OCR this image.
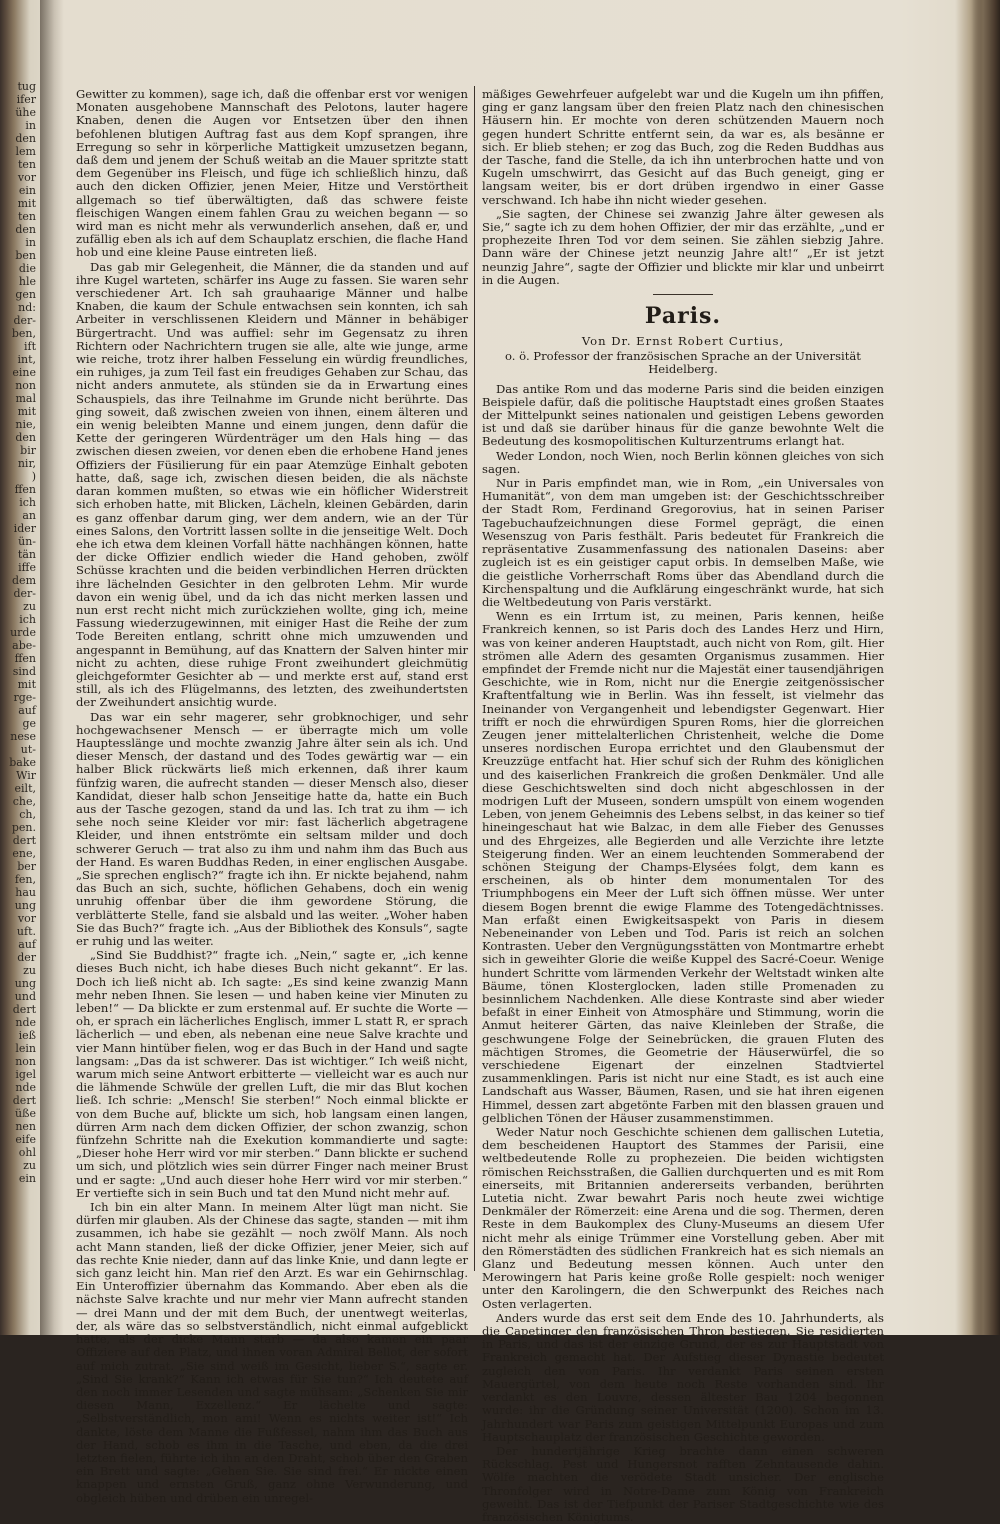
tug
ifer
ühe
in
den
lem
ten
vor
ein
mit
ten
den
in
ben
die
hle
gen
nd:
der-
ben,
ift
int,
eine
non
mal
mit
nie,
den
bir
nir,
)
ffen
ich
an
ider
ün-
tän
iffe
dem
der-
zu
ich
urde
abe-
ffen
sind
mit
rge-
auf
ge
nese
ut-
bake
Wir
eilt,
che,
ch,
pen.
dert
ene,
ber
fen,
hau
ung
vor
uft.
auf
der
zu
ung
und
dert
nde
ieß
lein
non
igel
nde
dert
üße
nen
eife
ohl
zu
ein

Gewitter zu kommen), sage ich, daß die offenbar erst vor wenigen Monaten ausgehobene Mannschaft des Pelotons, lauter hagere Knaben, denen die Augen vor Entsetzen über den ihnen befohlenen blutigen Auftrag fast aus dem Kopf sprangen, ihre Erregung so sehr in körperliche Mattigkeit umzusetzen begann, daß dem und jenem der Schuß weitab an die Mauer spritzte statt dem Gegenüber ins Fleisch, und füge ich schließlich hinzu, daß auch den dicken Offizier, jenen Meier, Hitze und Verstörtheit allgemach so tief überwältigten, daß das schwere feiste fleischigen Wangen einem fahlen Grau zu weichen begann — so wird man es nicht mehr als verwunderlich ansehen, daß er, und zufällig eben als ich auf dem Schauplatz erschien, die flache Hand hob und eine kleine Pause eintreten ließ.

Das gab mir Gelegenheit, die Männer, die da standen und auf ihre Kugel warteten, schärfer ins Auge zu fassen. Sie waren sehr verschiedener Art. Ich sah grauhaarige Männer und halbe Knaben, die kaum der Schule entwachsen sein konnten, ich sah Arbeiter in verschlissenen Kleidern und Männer in behäbiger Bürgertracht. Und was auffiel: sehr im Gegensatz zu ihren Richtern oder Nachrichtern trugen sie alle, alte wie junge, arme wie reiche, trotz ihrer halben Fesselung ein würdig freundliches, ein ruhiges, ja zum Teil fast ein freudiges Gehaben zur Schau, das nicht anders anmutete, als stünden sie da in Erwartung eines Schauspiels, das ihre Teilnahme im Grunde nicht berührte. Das ging soweit, daß zwischen zweien von ihnen, einem älteren und ein wenig beleibten Manne und einem jungen, denn dafür die Kette der geringeren Würdenträger um den Hals hing — das zwischen diesen zweien, vor denen eben die erhobene Hand jenes Offiziers der Füsilierung für ein paar Atemzüge Einhalt geboten hatte, daß, sage ich, zwischen diesen beiden, die als nächste daran kommen mußten, so etwas wie ein höflicher Widerstreit sich erhoben hatte, mit Blicken, Lächeln, kleinen Gebärden, darin es ganz offenbar darum ging, wer dem andern, wie an der Tür eines Salons, den Vortritt lassen sollte in die jenseitige Welt. Doch ehe ich etwa dem kleinen Vorfall hätte nachhängen können, hatte der dicke Offizier endlich wieder die Hand gehoben, zwölf Schüsse krachten und die beiden verbindlichen Herren drückten ihre lächelnden Gesichter in den gelbroten Lehm. Mir wurde davon ein wenig übel, und da ich das nicht merken lassen und nun erst recht nicht mich zurückziehen wollte, ging ich, meine Fassung wiederzugewinnen, mit einiger Hast die Reihe der zum Tode Bereiten entlang, schritt ohne mich umzuwenden und angespannt in Bemühung, auf das Knattern der Salven hinter mir nicht zu achten, diese ruhige Front zweihundert gleichmütig gleichgeformter Gesichter ab — und merkte erst auf, stand erst still, als ich des Flügelmanns, des letzten, des zweihundertsten der Zweihundert ansichtig wurde.

Das war ein sehr magerer, sehr grobknochiger, und sehr hochgewachsener Mensch — er überragte mich um volle Hauptesslänge und mochte zwanzig Jahre älter sein als ich. Und dieser Mensch, der dastand und des Todes gewärtig war — ein halber Blick rückwärts ließ mich erkennen, daß ihrer kaum fünfzig waren, die aufrecht standen — dieser Mensch also, dieser Kandidat, dieser halb schon Jenseitige hatte da, hatte ein Buch aus der Tasche gezogen, stand da und las. Ich trat zu ihm — ich sehe noch seine Kleider vor mir: fast lächerlich abgetragene Kleider, und ihnen entströmte ein seltsam milder und doch schwerer Geruch — trat also zu ihm und nahm ihm das Buch aus der Hand. Es waren Buddhas Reden, in einer englischen Ausgabe. „Sie sprechen englisch?“ fragte ich ihn. Er nickte bejahend, nahm das Buch an sich, suchte, höflichen Gehabens, doch ein wenig unruhig offenbar über die ihm gewordene Störung, die verblätterte Stelle, fand sie alsbald und las weiter. „Woher haben Sie das Buch?“ fragte ich. „Aus der Bibliothek des Konsuls“, sagte er ruhig und las weiter.

„Sind Sie Buddhist?“ fragte ich. „Nein,“ sagte er, „ich kenne dieses Buch nicht, ich habe dieses Buch nicht gekannt“. Er las. Doch ich ließ nicht ab. Ich sagte: „Es sind keine zwanzig Mann mehr neben Ihnen. Sie lesen — und haben keine vier Minuten zu leben!“ — Da blickte er zum erstenmal auf. Er suchte die Worte — oh, er sprach ein lächerliches Englisch, immer L statt R, er sprach lächerlich — und eben, als nebenan eine neue Salve krachte und vier Mann hintüber fielen, wog er das Buch in der Hand und sagte langsam: „Das da ist schwerer. Das ist wichtiger.“ Ich weiß nicht, warum mich seine Antwort erbitterte — vielleicht war es auch nur die lähmende Schwüle der grellen Luft, die mir das Blut kochen ließ. Ich schrie: „Mensch! Sie sterben!“ Noch einmal blickte er von dem Buche auf, blickte um sich, hob langsam einen langen, dürren Arm nach dem dicken Offizier, der schon zwanzig, schon fünfzehn Schritte nah die Exekution kommandierte und sagte: „Dieser hohe Herr wird vor mir sterben.“ Dann blickte er suchend um sich, und plötzlich wies sein dürrer Finger nach meiner Brust und er sagte: „Und auch dieser hohe Herr wird vor mir sterben.“ Er vertiefte sich in sein Buch und tat den Mund nicht mehr auf.

Ich bin ein alter Mann. In meinem Alter lügt man nicht. Sie dürfen mir glauben. Als der Chinese das sagte, standen — mit ihm zusammen, ich habe sie gezählt — noch zwölf Mann. Als noch acht Mann standen, ließ der dicke Offizier, jener Meier, sich auf das rechte Knie nieder, dann auf das linke Knie, und dann legte er sich ganz leicht hin. Man rief den Arzt. Es war ein Gehirnschlag. Ein Unteroffizier übernahm das Kommando. Aber eben als die nächste Salve krachte und nur mehr vier Mann aufrecht standen — drei Mann und der mit dem Buch, der unentwegt weiterlas, der, als wäre das so selbstverständlich, nicht einmal aufgeblickt hatte, als der dicke Mann starb — da also kamen ein paar Offiziere auf den Platz, und ihnen voran Admiral Bellot, der sofort auf mich zutrat. „Sie sind weiß im Gesicht, lieber S.“, sagte er. „Sind Sie krank?“ Kann ich etwas für Sie tun?“ Ich deutete auf den noch immer Lesenden und sagte mühsam: „Schenken Sie mir diesen Mann, Exzellenz.“ Er lächelte und sagte: „Selbstverständlich, mon ami! Wenn es nichts weiter ist!“ Ich dankte, löste dem Manne die Fußfessel, nahm ihm das Buch aus der Hand, schob es ihm in die Tasche, und eben, da die drei letzten fielen, führte ich ihn an den Draht, schob über den Graben ein Brett und sagte: „Gehen Sie. Sie sind frei.“ Er nickte einen knappen und ernsten Gruß, ganz ohne Verwunderung, und obgleich hüben und drüben ein unregel-

mäßiges Gewehrfeuer aufgelebt war und die Kugeln um ihn pfiffen, ging er ganz langsam über den freien Platz nach den chinesischen Häusern hin. Er mochte von deren schützenden Mauern noch gegen hundert Schritte entfernt sein, da war es, als besänne er sich. Er blieb stehen; er zog das Buch, zog die Reden Buddhas aus der Tasche, fand die Stelle, da ich ihn unterbrochen hatte und von Kugeln umschwirrt, das Gesicht auf das Buch geneigt, ging er langsam weiter, bis er dort drüben irgendwo in einer Gasse verschwand. Ich habe ihn nicht wieder gesehen.

„Sie sagten, der Chinese sei zwanzig Jahre älter gewesen als Sie,“ sagte ich zu dem hohen Offizier, der mir das erzählte, „und er prophezeite Ihren Tod vor dem seinen. Sie zählen siebzig Jahre. Dann wäre der Chinese jetzt neunzig Jahre alt!“ „Er ist jetzt neunzig Jahre“, sagte der Offizier und blickte mir klar und unbeirrt in die Augen.

Paris.
Von Dr. Ernst Robert Curtius,
o. ö. Professor der französischen Sprache an der Universität Heidelberg.

Das antike Rom und das moderne Paris sind die beiden einzigen Beispiele dafür, daß die politische Hauptstadt eines großen Staates der Mittelpunkt seines nationalen und geistigen Lebens geworden ist und daß sie darüber hinaus für die ganze bewohnte Welt die Bedeutung des kosmopolitischen Kulturzentrums erlangt hat.

Weder London, noch Wien, noch Berlin können gleiches von sich sagen.

Nur in Paris empfindet man, wie in Rom, „ein Universales von Humanität“, von dem man umgeben ist: der Geschichtsschreiber der Stadt Rom, Ferdinand Gregorovius, hat in seinen Pariser Tagebuchaufzeichnungen diese Formel geprägt, die einen Wesenszug von Paris festhält. Paris bedeutet für Frankreich die repräsentative Zusammenfassung des nationalen Daseins: aber zugleich ist es ein geistiger caput orbis. In demselben Maße, wie die geistliche Vorherrschaft Roms über das Abendland durch die Kirchenspaltung und die Aufklärung eingeschränkt wurde, hat sich die Weltbedeutung von Paris verstärkt.

Wenn es ein Irrtum ist, zu meinen, Paris kennen, heiße Frankreich kennen, so ist Paris doch des Landes Herz und Hirn, was von keiner anderen Hauptstadt, auch nicht von Rom, gilt. Hier strömen alle Adern des gesamten Organismus zusammen. Hier empfindet der Fremde nicht nur die Majestät einer tausendjährigen Geschichte, wie in Rom, nicht nur die Energie zeitgenössischer Kraftentfaltung wie in Berlin. Was ihn fesselt, ist vielmehr das Ineinander von Vergangenheit und lebendigster Gegenwart. Hier trifft er noch die ehrwürdigen Spuren Roms, hier die glorreichen Zeugen jener mittelalterlichen Christenheit, welche die Dome unseres nordischen Europa errichtet und den Glaubensmut der Kreuzzüge entfacht hat. Hier schuf sich der Ruhm des königlichen und des kaiserlichen Frankreich die großen Denkmäler. Und alle diese Geschichtswelten sind doch nicht abgeschlossen in der modrigen Luft der Museen, sondern umspült von einem wogenden Leben, von jenem Geheimnis des Lebens selbst, in das keiner so tief hineingeschaut hat wie Balzac, in dem alle Fieber des Genusses und des Ehrgeizes, alle Begierden und alle Verzichte ihre letzte Steigerung finden. Wer an einem leuchtenden Sommerabend der schönen Steigung der Champs-Elysées folgt, dem kann es erscheinen, als ob hinter dem monumentalen Tor des Triumphbogens ein Meer der Luft sich öffnen müsse. Wer unter diesem Bogen brennt die ewige Flamme des Totengedächtnisses. Man erfaßt einen Ewigkeitsaspekt von Paris in diesem Nebeneinander von Leben und Tod. Paris ist reich an solchen Kontrasten. Ueber den Vergnügungsstätten von Montmartre erhebt sich in geweihter Glorie die weiße Kuppel des Sacré-Coeur. Wenige hundert Schritte vom lärmenden Verkehr der Weltstadt winken alte Bäume, tönen Klosterglocken, laden stille Promenaden zu besinnlichem Nachdenken. Alle diese Kontraste sind aber wieder befaßt in einer Einheit von Atmosphäre und Stimmung, worin die Anmut heiterer Gärten, das naive Kleinleben der Straße, die geschwungene Folge der Seinebrücken, die grauen Fluten des mächtigen Stromes, die Geometrie der Häuserwürfel, die so verschiedene Eigenart der einzelnen Stadtviertel zusammenklingen. Paris ist nicht nur eine Stadt, es ist auch eine Landschaft aus Wasser, Bäumen, Rasen, und sie hat ihren eigenen Himmel, dessen zart abgetönte Farben mit den blassen grauen und gelblichen Tönen der Häuser zusammenstimmen.

Weder Natur noch Geschichte schienen dem gallischen Lutetia, dem bescheidenen Hauptort des Stammes der Parisii, eine weltbedeutende Rolle zu prophezeien. Die beiden wichtigsten römischen Reichsstraßen, die Gallien durchquerten und es mit Rom einerseits, mit Britannien andererseits verbanden, berührten Lutetia nicht. Zwar bewahrt Paris noch heute zwei wichtige Denkmäler der Römerzeit: eine Arena und die sog. Thermen, deren Reste in dem Baukomplex des Cluny-Museums an diesem Ufer nicht mehr als einige Trümmer eine Vorstellung geben. Aber mit den Römerstädten des südlichen Frankreich hat es sich niemals an Glanz und Bedeutung messen können. Auch unter den Merowingern hat Paris keine große Rolle gespielt: noch weniger unter den Karolingern, die den Schwerpunkt des Reiches nach Osten verlagerten.

Anders wurde das erst seit dem Ende des 10. Jahrhunderts, als die Capetinger den französischen Thron bestiegen. Sie residierten in Paris, und das ist der einzige Grund, der es zur Hauptstadt von Frankreich gemacht hat. Der Aufstieg dieser Dynastie bedeutet zugleich den von Paris. Ihr verdankt Paris seinen ersten Mauergürtel, von dem heute noch Reste vorhanden sind. Ihr verdankt es den Louvre, dessen ältester Bau 1204 begonnen wurde: ihr die Gründung seiner Universität (1200). Schon im 13. Jahrhundert war Paris zum geistigen Mittelpunkt Europas und zum Hauptschauplatz der französischen Geschichte geworden.

Der hundertjährige Krieg brachte dann einen schweren Rückschlag. Pest und Hungersnot rafften Zehntausende dahin. Wölfe machten die verödete Stadt unsicher. Der englische Thronfolger wird in Notre-Dame zum König von Frankreich geweiht. Das ist der Tiefpunkt der Pariser Stadtgeschichte wie des französischen Königtums.
